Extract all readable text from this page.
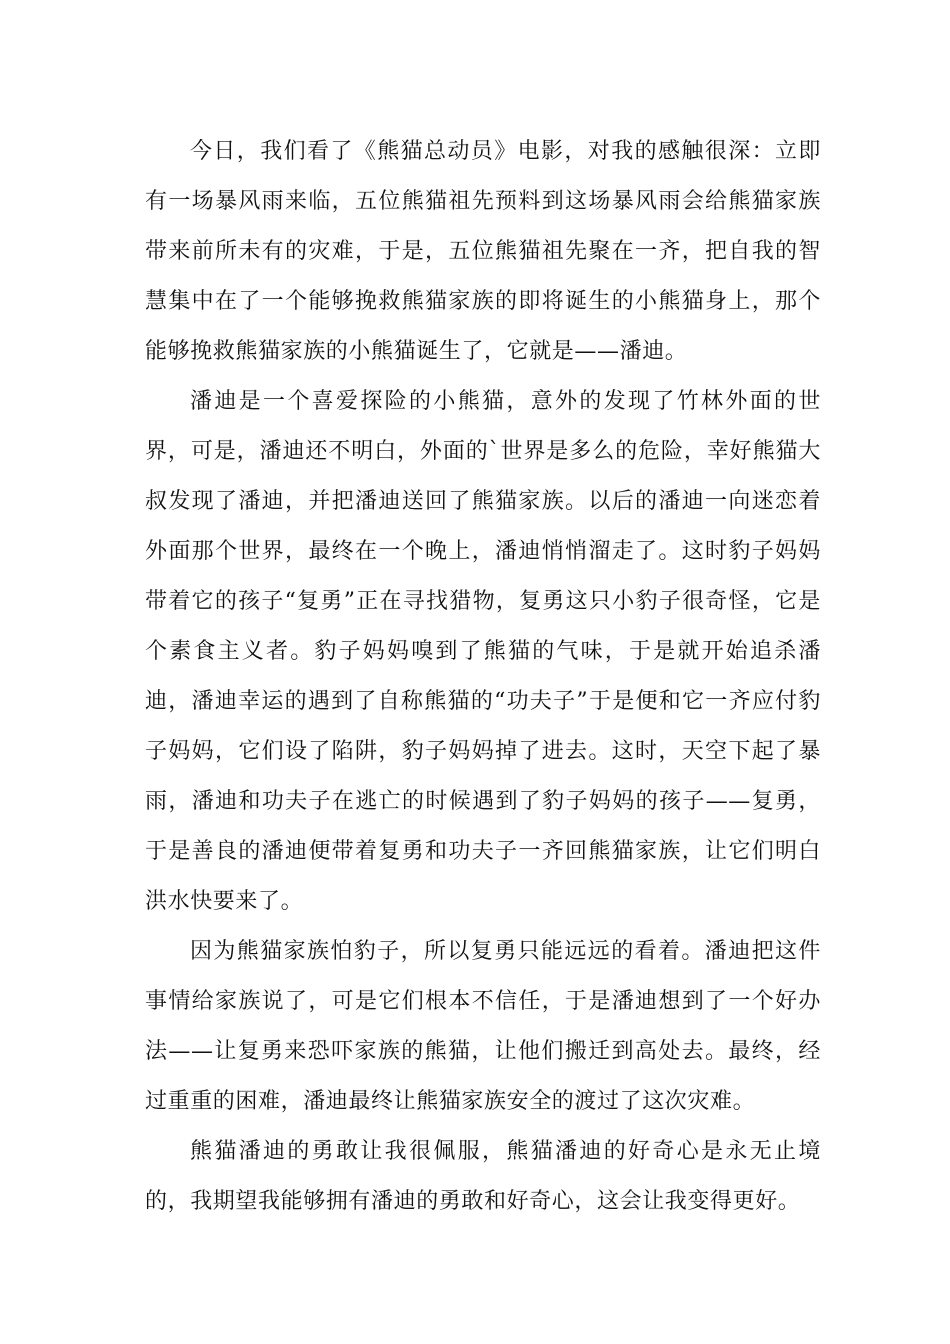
今日，我们看了《熊猫总动员》电影，对我的感触很深：立即有一场暴风雨来临，五位熊猫祖先预料到这场暴风雨会给熊猫家族带来前所未有的灾难，于是，五位熊猫祖先聚在一齐，把自我的智慧集中在了一个能够挽救熊猫家族的即将诞生的小熊猫身上，那个能够挽救熊猫家族的小熊猫诞生了，它就是——潘迪。

潘迪是一个喜爱探险的小熊猫，意外的发现了竹林外面的世界，可是，潘迪还不明白，外面的`世界是多么的危险，幸好熊猫大叔发现了潘迪，并把潘迪送回了熊猫家族。以后的潘迪一向迷恋着外面那个世界，最终在一个晚上，潘迪悄悄溜走了。这时豹子妈妈带着它的孩子“复勇”正在寻找猎物，复勇这只小豹子很奇怪，它是个素食主义者。豹子妈妈嗅到了熊猫的气味，于是就开始追杀潘迪，潘迪幸运的遇到了自称熊猫的“功夫子”于是便和它一齐应付豹子妈妈，它们设了陷阱，豹子妈妈掉了进去。这时，天空下起了暴雨，潘迪和功夫子在逃亡的时候遇到了豹子妈妈的孩子——复勇，于是善良的潘迪便带着复勇和功夫子一齐回熊猫家族，让它们明白洪水快要来了。

因为熊猫家族怕豹子，所以复勇只能远远的看着。潘迪把这件事情给家族说了，可是它们根本不信任，于是潘迪想到了一个好办法——让复勇来恐吓家族的熊猫，让他们搬迁到高处去。最终，经过重重的困难，潘迪最终让熊猫家族安全的渡过了这次灾难。

熊猫潘迪的勇敢让我很佩服，熊猫潘迪的好奇心是永无止境的，我期望我能够拥有潘迪的勇敢和好奇心，这会让我变得更好。
